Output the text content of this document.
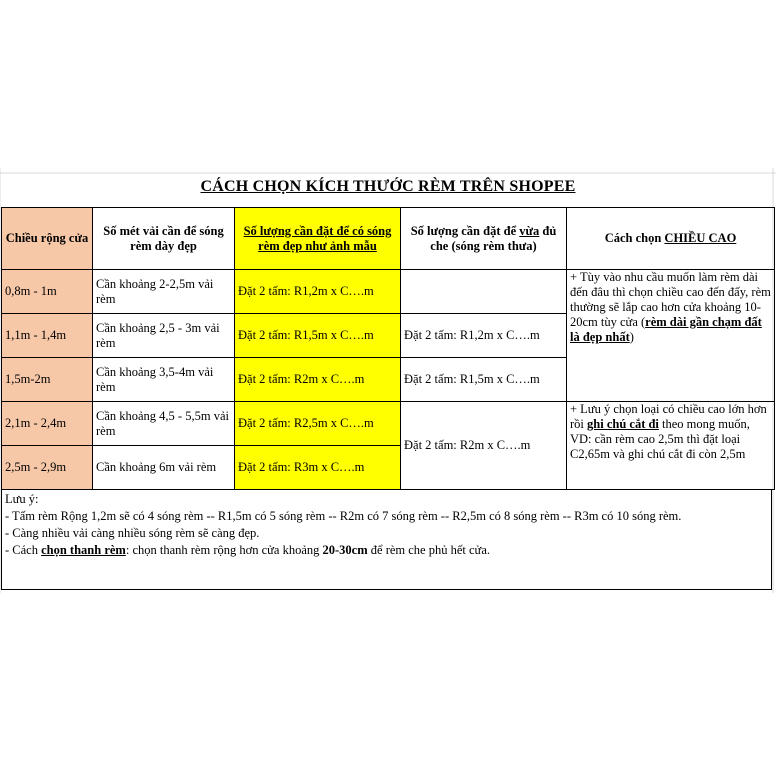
CÁCH CHỌN KÍCH THƯỚC RÈM TRÊN SHOPEE
Chiều rộng cửa	Số mét vải cần để sóng rèm dày đẹp	Số lượng cần đặt để có sóng rèm đẹp như ảnh mẫu	Số lượng cần đặt để vừa đủ che (sóng rèm thưa)	Cách chọn CHIỀU CAO
0,8m - 1m	Cần khoảng 2-2,5m vải rèm	Đặt 2 tấm: R1,2m x C….m		+ Tùy vào nhu cầu muốn làm rèm dài đến đâu thì chọn chiều cao đến đấy, rèm thường sẽ lắp cao hơn cửa khoảng 10-20cm tùy cửa (rèm dài gần chạm đất là đẹp nhất)
1,1m - 1,4m	Cần khoảng 2,5 - 3m vải rèm	Đặt 2 tấm: R1,5m x C….m	Đặt 2 tấm: R1,2m x C….m	
1,5m-2m	Cần khoảng 3,5-4m vải rèm	Đặt 2 tấm: R2m x C….m	Đặt 2 tấm: R1,5m x C….m	
2,1m - 2,4m	Cần khoảng 4,5 - 5,5m vải rèm	Đặt 2 tấm: R2,5m x C….m	Đặt 2 tấm: R2m x C….m	+ Lưu ý chọn loại có chiều cao lớn hơn rồi ghi chú cắt đi theo mong muốn, VD: cần rèm cao 2,5m thì đặt loại C2,65m và ghi chú cắt đi còn 2,5m
2,5m - 2,9m	Cần khoảng 6m vải rèm	Đặt 2 tấm: R3m x C….m		
Lưu ý:
- Tấm rèm Rộng 1,2m sẽ có 4 sóng rèm -- R1,5m có 5 sóng rèm -- R2m có 7 sóng rèm -- R2,5m có 8 sóng rèm -- R3m có 10 sóng rèm.
- Càng nhiều vải càng nhiều sóng rèm sẽ càng đẹp.
- Cách chọn thanh rèm: chọn thanh rèm rộng hơn cửa khoảng 20-30cm để rèm che phủ hết cửa.
